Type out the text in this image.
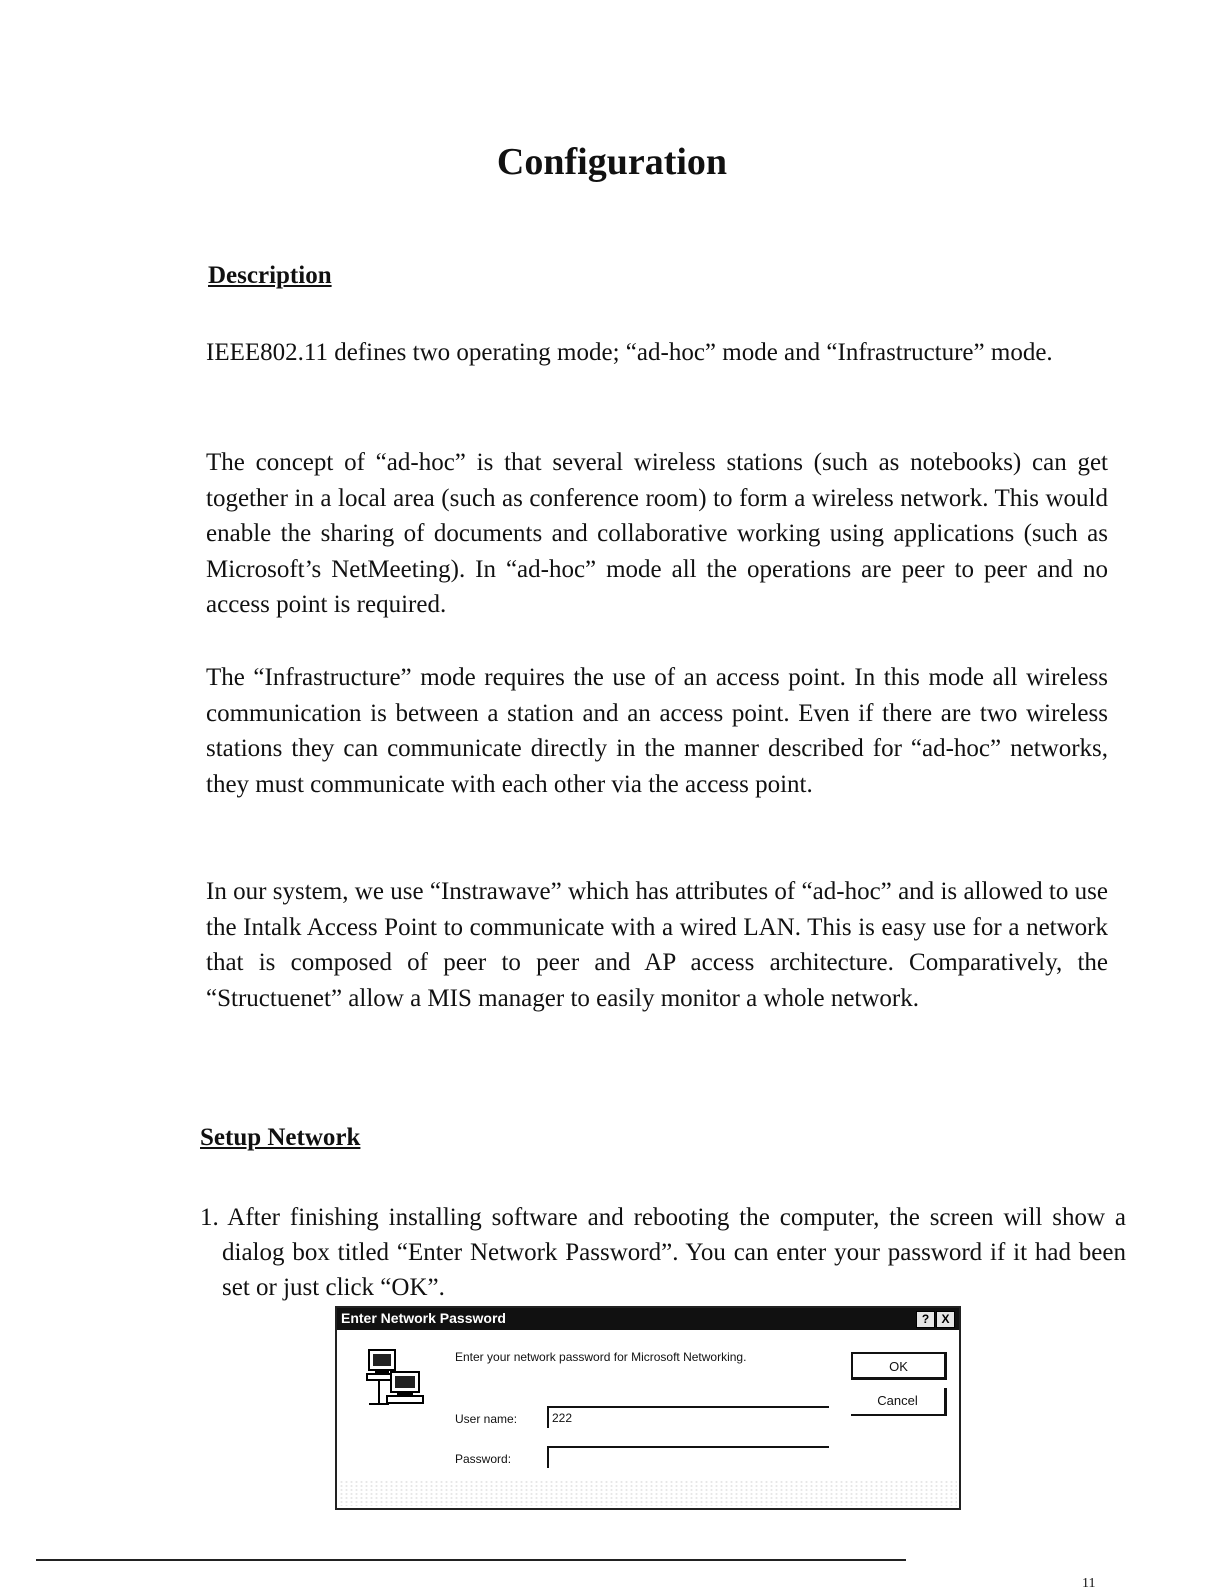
Configuration
Description

IEEE802.11 defines two operating mode; “ad-hoc” mode and “Infrastructure” mode.

The concept of “ad-hoc” is that several wireless stations (such as notebooks) can get together in a local area (such as conference room) to form a wireless network. This would enable the sharing of documents and collaborative working using applications (such as Microsoft’s NetMeeting). In “ad-hoc” mode all the operations are peer to peer and no access point is required.

The “Infrastructure” mode requires the use of an access point. In this mode all wireless communication is between a station and an access point. Even if there are two wireless stations they can communicate directly in the manner described for “ad-hoc” networks, they must communicate with each other via the access point.

In our system, we use “Instrawave” which has attributes of “ad-hoc” and is allowed to use the Intalk Access Point to communicate with a wired LAN. This is easy use for a network that is composed of peer to peer and AP access architecture. Comparatively, the “Structuenet” allow a MIS manager to easily monitor a whole network.

Setup Network

1. After finishing installing software and rebooting the computer, the screen will show a dialog box titled “Enter Network Password”. You can enter your password if it had been set or just click “OK”.

Enter Network Password	?	X
Enter your network password for Microsoft Networking.
User name:	222
Password:
OK
Cancel

11
